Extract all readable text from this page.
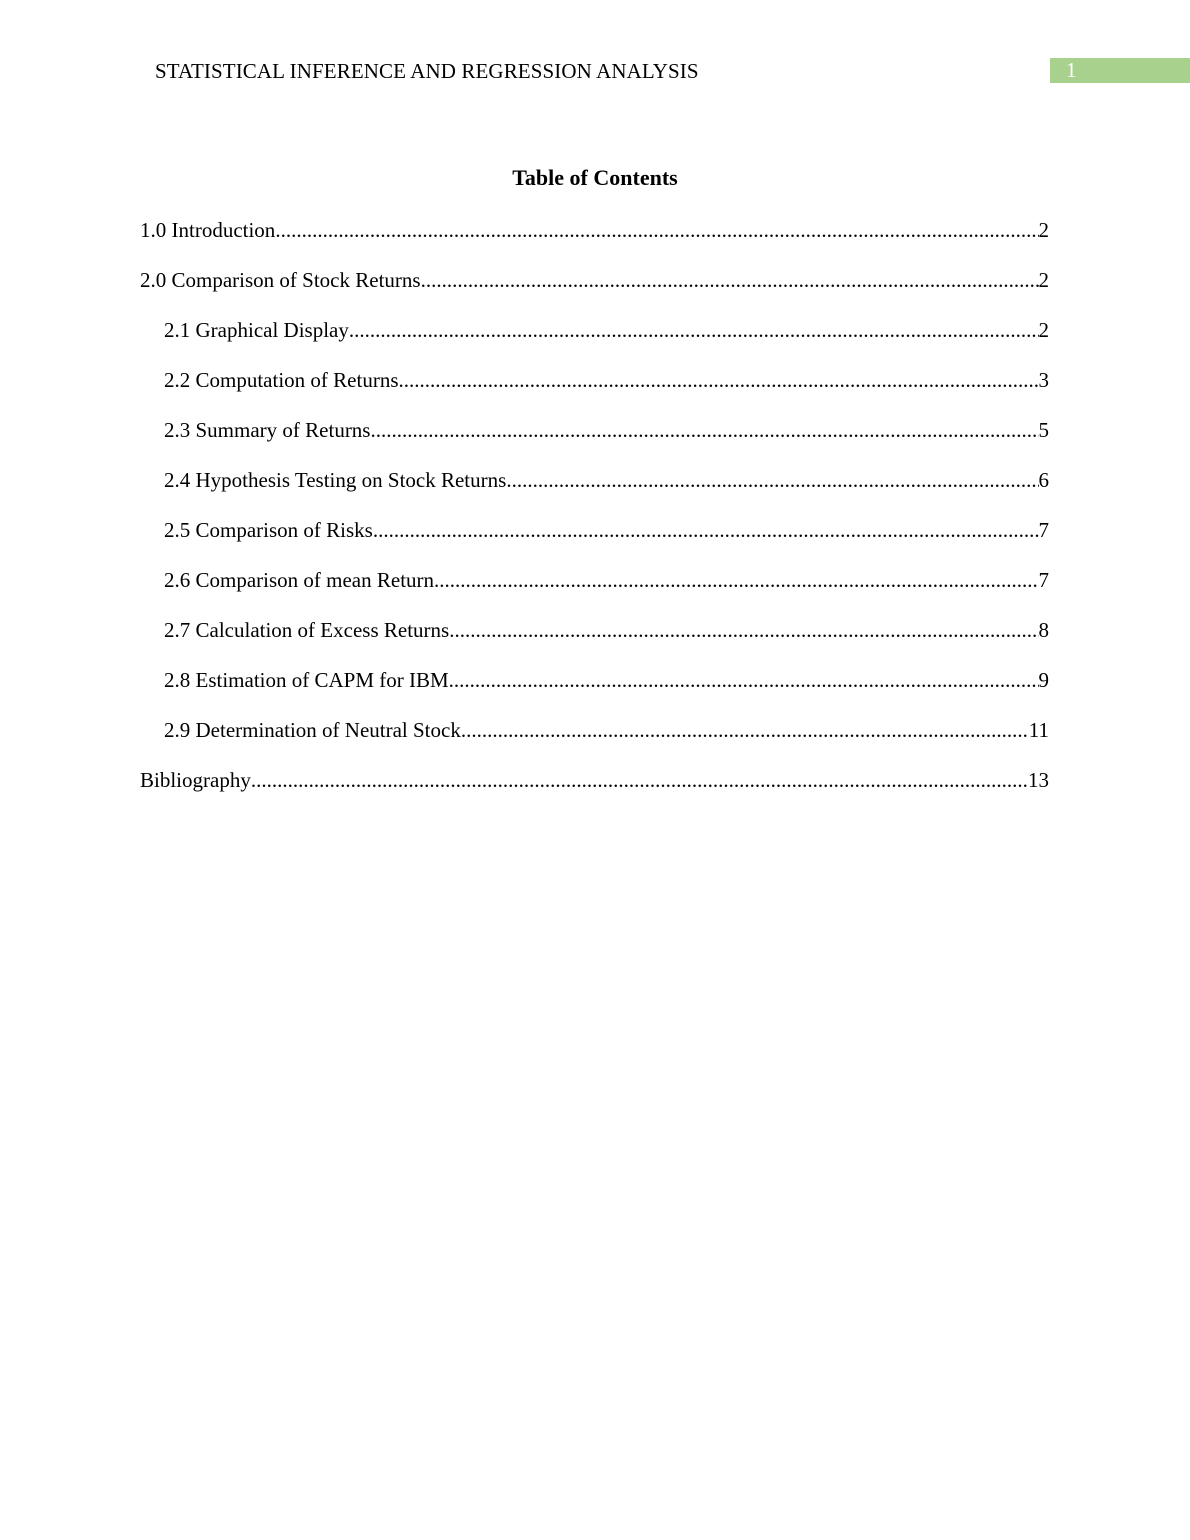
STATISTICAL INFERENCE AND REGRESSION ANALYSIS	1
Table of Contents
1.0 Introduction .....	2
2.0 Comparison of Stock Returns .....	2
2.1 Graphical Display .....	2
2.2 Computation of Returns .....	3
2.3 Summary of Returns .....	5
2.4 Hypothesis Testing on Stock Returns .....	6
2.5 Comparison of Risks .....	7
2.6 Comparison of mean Return .....	7
2.7 Calculation of Excess Returns .....	8
2.8 Estimation of CAPM for IBM .....	9
2.9 Determination of Neutral Stock .....	11
Bibliography .....	13
